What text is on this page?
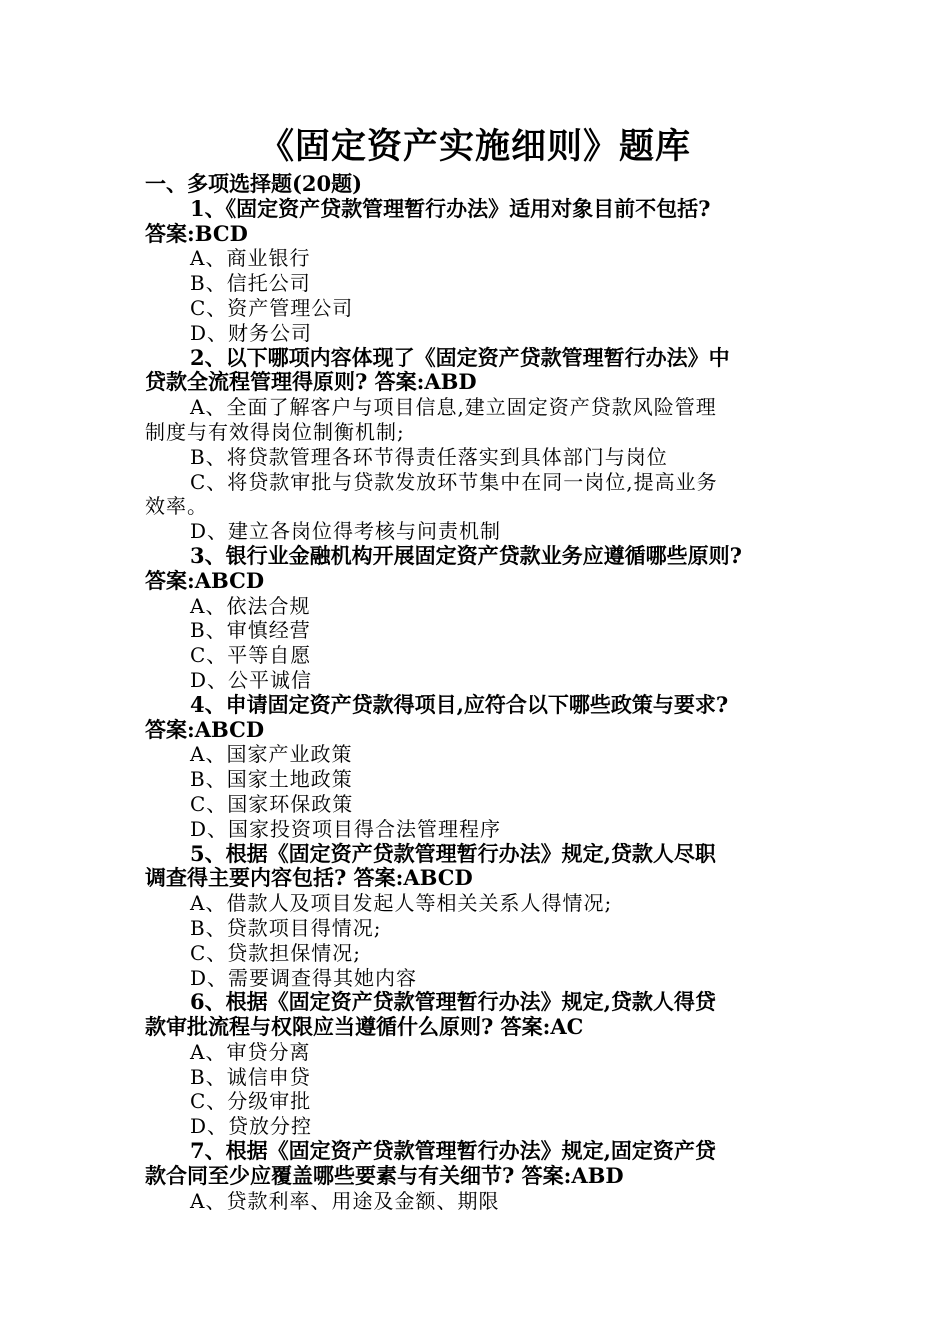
《固定资产实施细则》题库
一、多项选择题(20题)
1、《固定资产贷款管理暂行办法》适用对象目前不包括?
答案:BCD
A、商业银行
B、信托公司
C、资产管理公司
D、财务公司
2、以下哪项内容体现了《固定资产贷款管理暂行办法》中
贷款全流程管理得原则? 答案:ABD
A、全面了解客户与项目信息,建立固定资产贷款风险管理
制度与有效得岗位制衡机制;
B、将贷款管理各环节得责任落实到具体部门与岗位
C、将贷款审批与贷款发放环节集中在同一岗位,提高业务
效率。
D、建立各岗位得考核与问责机制
3、银行业金融机构开展固定资产贷款业务应遵循哪些原则?
答案:ABCD
A、依法合规
B、审慎经营
C、平等自愿
D、公平诚信
4、申请固定资产贷款得项目,应符合以下哪些政策与要求?
答案:ABCD
A、国家产业政策
B、国家土地政策
C、国家环保政策
D、国家投资项目得合法管理程序
5、根据《固定资产贷款管理暂行办法》规定,贷款人尽职
调查得主要内容包括? 答案:ABCD
A、借款人及项目发起人等相关关系人得情况;
B、贷款项目得情况;
C、贷款担保情况;
D、需要调查得其她内容
6、根据《固定资产贷款管理暂行办法》规定,贷款人得贷
款审批流程与权限应当遵循什么原则? 答案:AC
A、审贷分离
B、诚信申贷
C、分级审批
D、贷放分控
7、根据《固定资产贷款管理暂行办法》规定,固定资产贷
款合同至少应覆盖哪些要素与有关细节? 答案:ABD
A、贷款利率、用途及金额、期限
